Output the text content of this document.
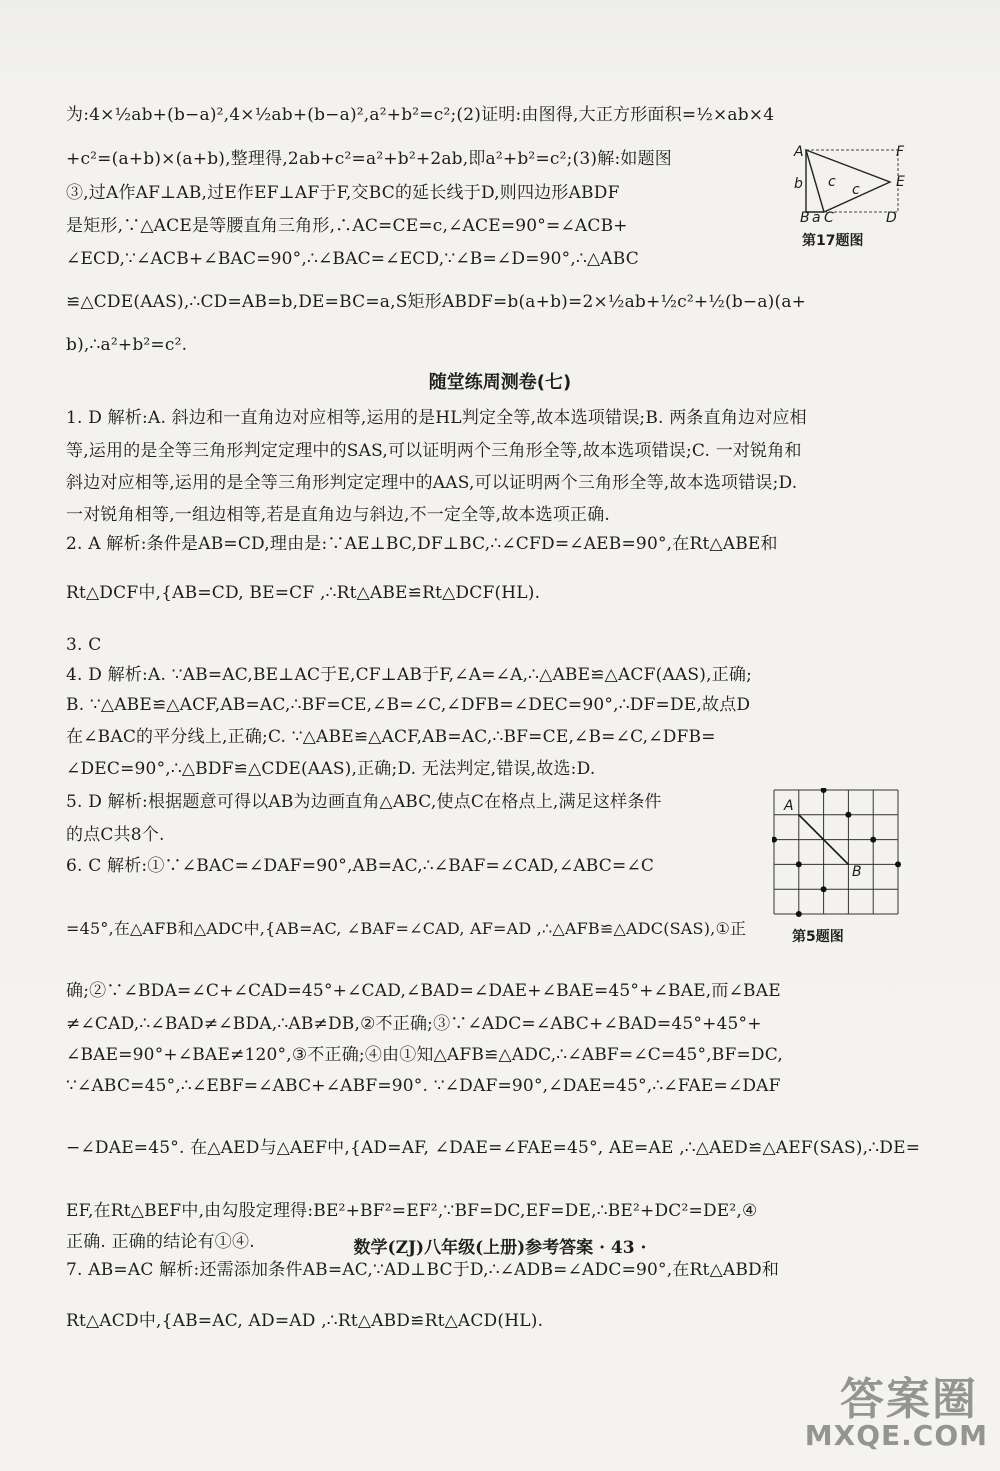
为:4×½ab+(b−a)²,4×½ab+(b−a)²,a²+b²=c²;(2)证明:由图得,大正方形面积=½×ab×4
+c²=(a+b)×(a+b),整理得,2ab+c²=a²+b²+2ab,即a²+b²=c²;(3)解:如题图
③,过A作AF⊥AB,过E作EF⊥AF于F,交BC的延长线于D,则四边形ABDF
是矩形,∵△ACE是等腰直角三角形,∴AC=CE=c,∠ACE=90°=∠ACB+
∠ECD,∵∠ACB+∠BAC=90°,∴∠BAC=∠ECD,∵∠B=∠D=90°,∴△ABC
≌△CDE(AAS),∴CD=AB=b,DE=BC=a,S矩形ABDF=b(a+b)=2×½ab+½c²+½(b−a)(a+
b),∴a²+b²=c².
1. D 解析:A. 斜边和一直角边对应相等,运用的是HL判定全等,故本选项错误;B. 两条直角边对应相
等,运用的是全等三角形判定定理中的SAS,可以证明两个三角形全等,故本选项错误;C. 一对锐角和
斜边对应相等,运用的是全等三角形判定定理中的AAS,可以证明两个三角形全等,故本选项错误;D.
一对锐角相等,一组边相等,若是直角边与斜边,不一定全等,故本选项正确.
2. A 解析:条件是AB=CD,理由是:∵AE⊥BC,DF⊥BC,∴∠CFD=∠AEB=90°,在Rt△ABE和
Rt△DCF中,{AB=CD, BE=CF ,∴Rt△ABE≌Rt△DCF(HL).
3. C
4. D 解析:A. ∵AB=AC,BE⊥AC于E,CF⊥AB于F,∠A=∠A,∴△ABE≌△ACF(AAS),正确;
B. ∵△ABE≌△ACF,AB=AC,∴BF=CE,∠B=∠C,∠DFB=∠DEC=90°,∴DF=DE,故点D
在∠BAC的平分线上,正确;C. ∵△ABE≌△ACF,AB=AC,∴BF=CE,∠B=∠C,∠DFB=
∠DEC=90°,∴△BDF≌△CDE(AAS),正确;D. 无法判定,错误,故选:D.
5. D 解析:根据题意可得以AB为边画直角△ABC,使点C在格点上,满足这样条件
的点C共8个.
6. C 解析:①∵∠BAC=∠DAF=90°,AB=AC,∴∠BAF=∠CAD,∠ABC=∠C
=45°,在△AFB和△ADC中,{AB=AC, ∠BAF=∠CAD, AF=AD ,∴△AFB≌△ADC(SAS),①正
确;②∵∠BDA=∠C+∠CAD=45°+∠CAD,∠BAD=∠DAE+∠BAE=45°+∠BAE,而∠BAE
≠∠CAD,∴∠BAD≠∠BDA,∴AB≠DB,②不正确;③∵∠ADC=∠ABC+∠BAD=45°+45°+
∠BAE=90°+∠BAE≠120°,③不正确;④由①知△AFB≌△ADC,∴∠ABF=∠C=45°,BF=DC,
∵∠ABC=45°,∴∠EBF=∠ABC+∠ABF=90°. ∵∠DAF=90°,∠DAE=45°,∴∠FAE=∠DAF
−∠DAE=45°. 在△AED与△AEF中,{AD=AF, ∠DAE=∠FAE=45°, AE=AE ,∴△AED≌△AEF(SAS),∴DE=
EF,在Rt△BEF中,由勾股定理得:BE²+BF²=EF²,∵BF=DC,EF=DE,∴BE²+DC²=DE²,④
正确. 正确的结论有①④.
7. AB=AC 解析:还需添加条件AB=AC,∵AD⊥BC于D,∴∠ADB=∠ADC=90°,在Rt△ABD和
Rt△ACD中,{AB=AC, AD=AD ,∴Rt△ABD≌Rt△ACD(HL).
随堂练周测卷(七)
A	F
b c c	E
B a C	D
第17题图
A
B
第5题图
数学(ZJ)八年级(上册)参考答案 · 43 ·
答案圈
MXQE.COM
